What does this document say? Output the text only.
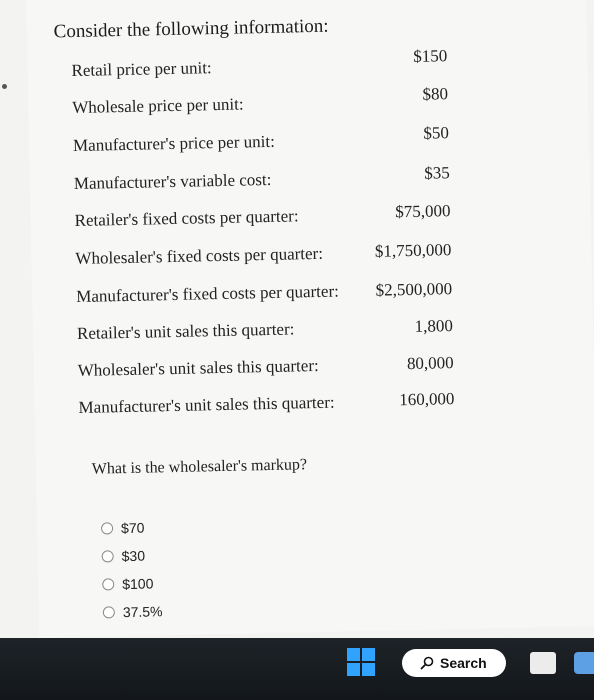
Consider the following information:
Retail price per unit:
$150
Wholesale price per unit:
$80
Manufacturer's price per unit:	$50
Manufacturer's variable cost:	$35
Retailer's fixed costs per quarter:	$75,000
Wholesaler's fixed costs per quarter:	$1,750,000
Manufacturer's fixed costs per quarter: $2,500,000
Retailer's unit sales this quarter:	1,800
Wholesaler's unit sales this quarter:	80,000
Manufacturer's unit sales this quarter:	160,000
What is the wholesaler's markup?
$70
$30
$100
37.5%
Search
